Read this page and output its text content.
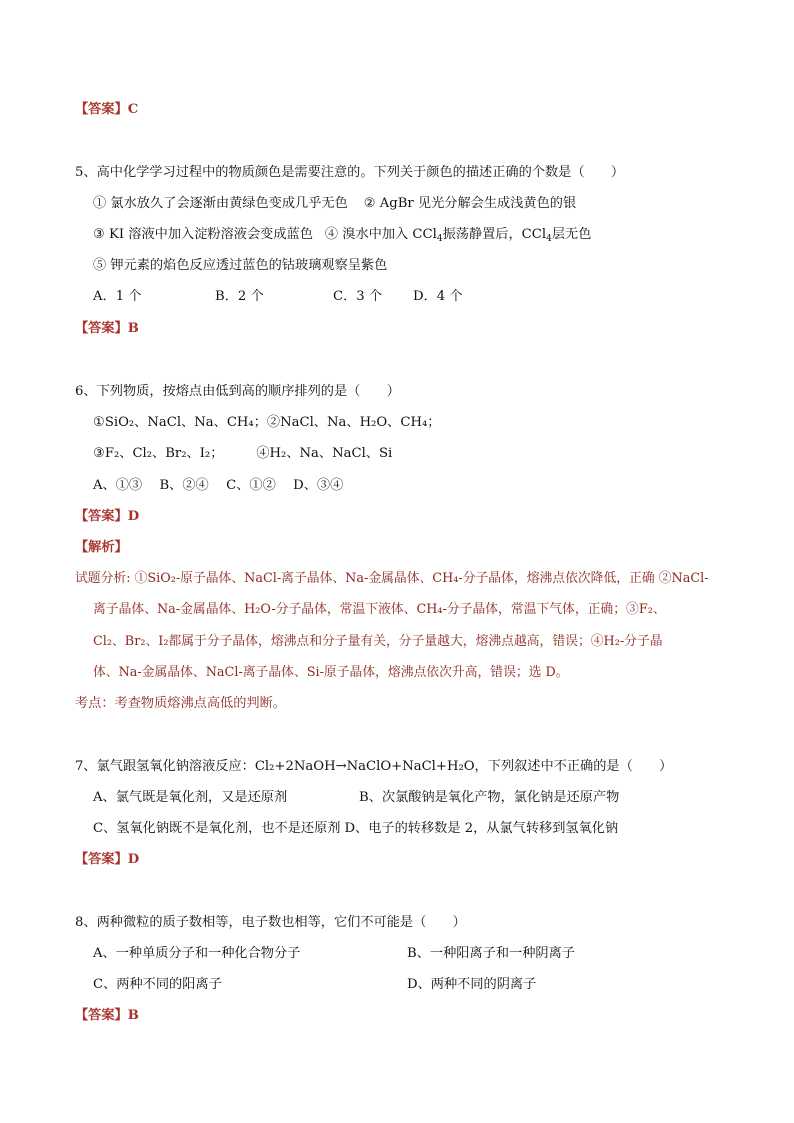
【答案】C
5、高中化学学习过程中的物质颜色是需要注意的。下列关于颜色的描述正确的个数是（　　）
① 氯水放久了会逐渐由黄绿色变成几乎无色 ② AgBr 见光分解会生成浅黄色的银
③ KI 溶液中加入淀粉溶液会变成蓝色 ④ 溴水中加入 CCl$_4$振荡静置后，CCl$_4$层无色
⑤ 钾元素的焰色反应透过蓝色的钴玻璃观察呈紫色
A．1 个	B．2 个	C．3 个 D．4 个
【答案】B
6、下列物质，按熔点由低到高的顺序排列的是（　　）
①SiO₂、NaCl、Na、CH₄；②NaCl、Na、H₂O、CH₄；
③F₂、Cl₂、Br₂、I₂；　　　④H₂、Na、NaCl、Si
A、①③　 B、②④　 C、①②　 D、③④
【答案】D
【解析】
试题分析: ①SiO₂-原子晶体、NaCl-离子晶体、Na-金属晶体、CH₄-分子晶体，熔沸点依次降低，正确 ②NaCl-
离子晶体、Na-金属晶体、H₂O-分子晶体，常温下液体、CH₄-分子晶体，常温下气体，正确；③F₂、
Cl₂、Br₂、I₂都属于分子晶体，熔沸点和分子量有关，分子量越大，熔沸点越高，错误；④H₂-分子晶
体、Na-金属晶体、NaCl-离子晶体、Si-原子晶体，熔沸点依次升高，错误；选 D。
考点：考查物质熔沸点高低的判断。
7、氯气跟氢氧化钠溶液反应：Cl₂+2NaOH→NaClO+NaCl+H₂O，下列叙述中不正确的是（　　）
A、氯气既是氧化剂，又是还原剂	B、次氯酸钠是氧化产物，氯化钠是还原产物
C、氢氧化钠既不是氧化剂，也不是还原剂 D、电子的转移数是 2，从氯气转移到氢氧化钠
【答案】D
8、两种微粒的质子数相等，电子数也相等，它们不可能是（　　）
A、一种单质分子和一种化合物分子	B、一种阳离子和一种阴离子
C、两种不同的阳离子	D、两种不同的阴离子
【答案】B
